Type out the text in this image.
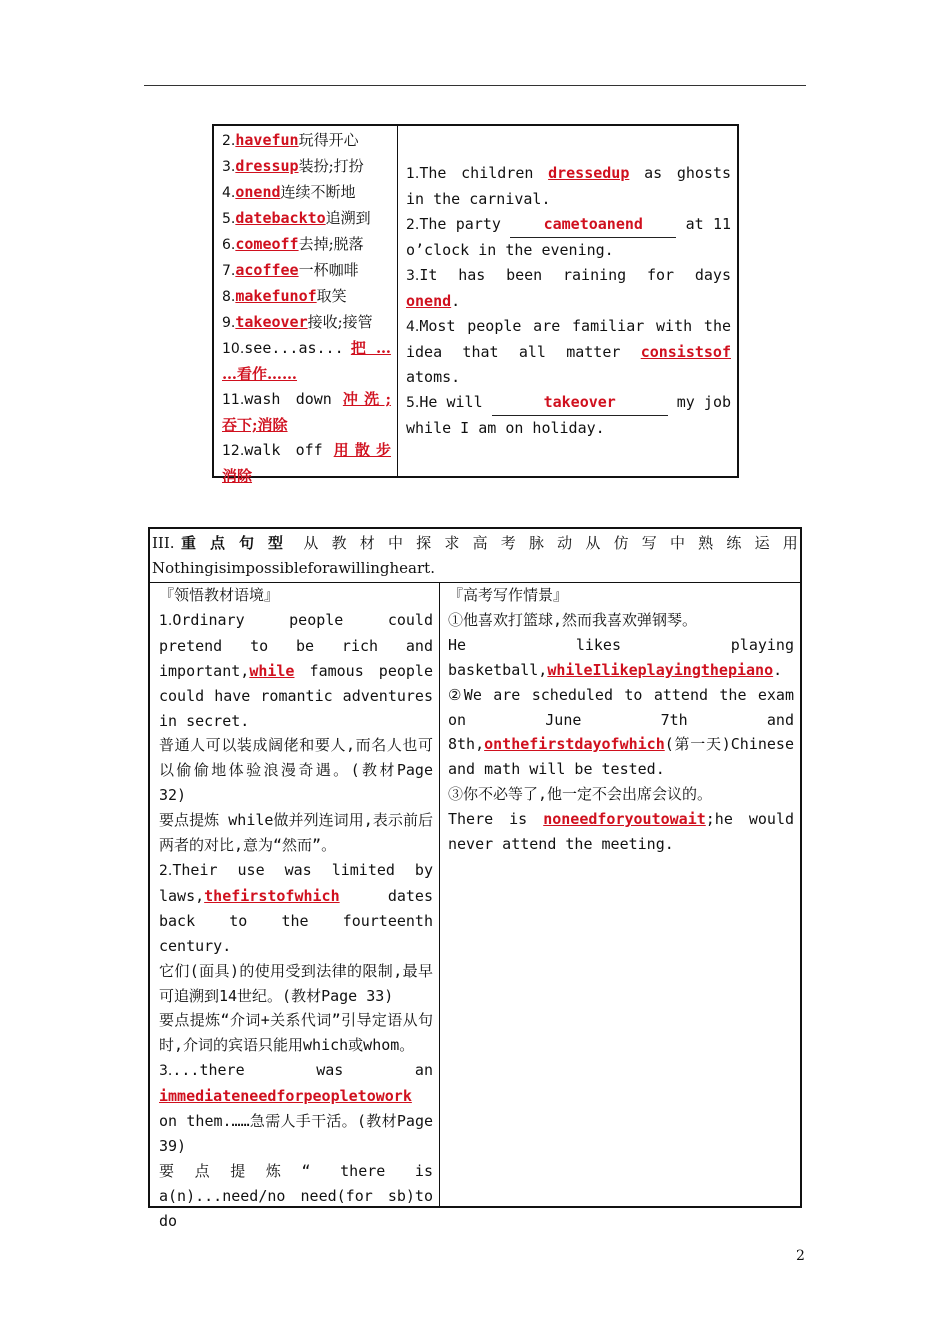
2.havefun玩得开心
3.dressup装扮;打扮
4.onend连续不断地
5.datebackto追溯到
6.comeoff去掉;脱落
7.acoffee一杯咖啡
8.makefunof取笑
9.takeover接收;接管
10.see...as... 把 …
…看作……
11.wash down 冲洗;
吞下;消除
12.walk off 用散步
消除
1.The children dressedup as ghosts in the carnival.
2.The party cametoanend at 11 o’clock in the evening.
3.It has been raining for days onend.
4.Most people are familiar with the idea that all matter consistsof atoms.
5.He will	takeover	my job while I am on holiday.
III. 重点句型 从教材中探求高考脉动从仿写中熟练运用
Nothingisimpossibleforawillingheart.
『领悟教材语境』
1.Ordinary people could pretend to be rich and important,while famous people could have romantic adventures in secret.
普通人可以装成阔佬和要人,而名人也可以偷偷地体验浪漫奇遇。(教材Page 32)
要点提炼 while做并列连词用,表示前后两者的对比,意为“然而”。
2.Their use was limited by laws,thefirstofwhich dates back to the fourteenth century.
它们(面具)的使用受到法律的限制,最早可追溯到14世纪。(教材Page 33)
要点提炼“介词+关系代词”引导定语从句时,介词的宾语只能用which或whom。
3....there was an immediateneedforpeopletowork on them.……急需人手干活。(教材Page 39)
要点提炼“ there is a(n)...need/no need(for sb)to do
『高考写作情景』
①他喜欢打篮球,然而我喜欢弹钢琴。
He likes playing basketball,whileIlikeplayingthepiano.
②We are scheduled to attend the exam on June 7th and 8th,onthefirstdayofwhich(第一天)Chinese and math will be tested.
③你不必等了,他一定不会出席会议的。
There is noneedforyoutowait;he would never attend the meeting.
2
